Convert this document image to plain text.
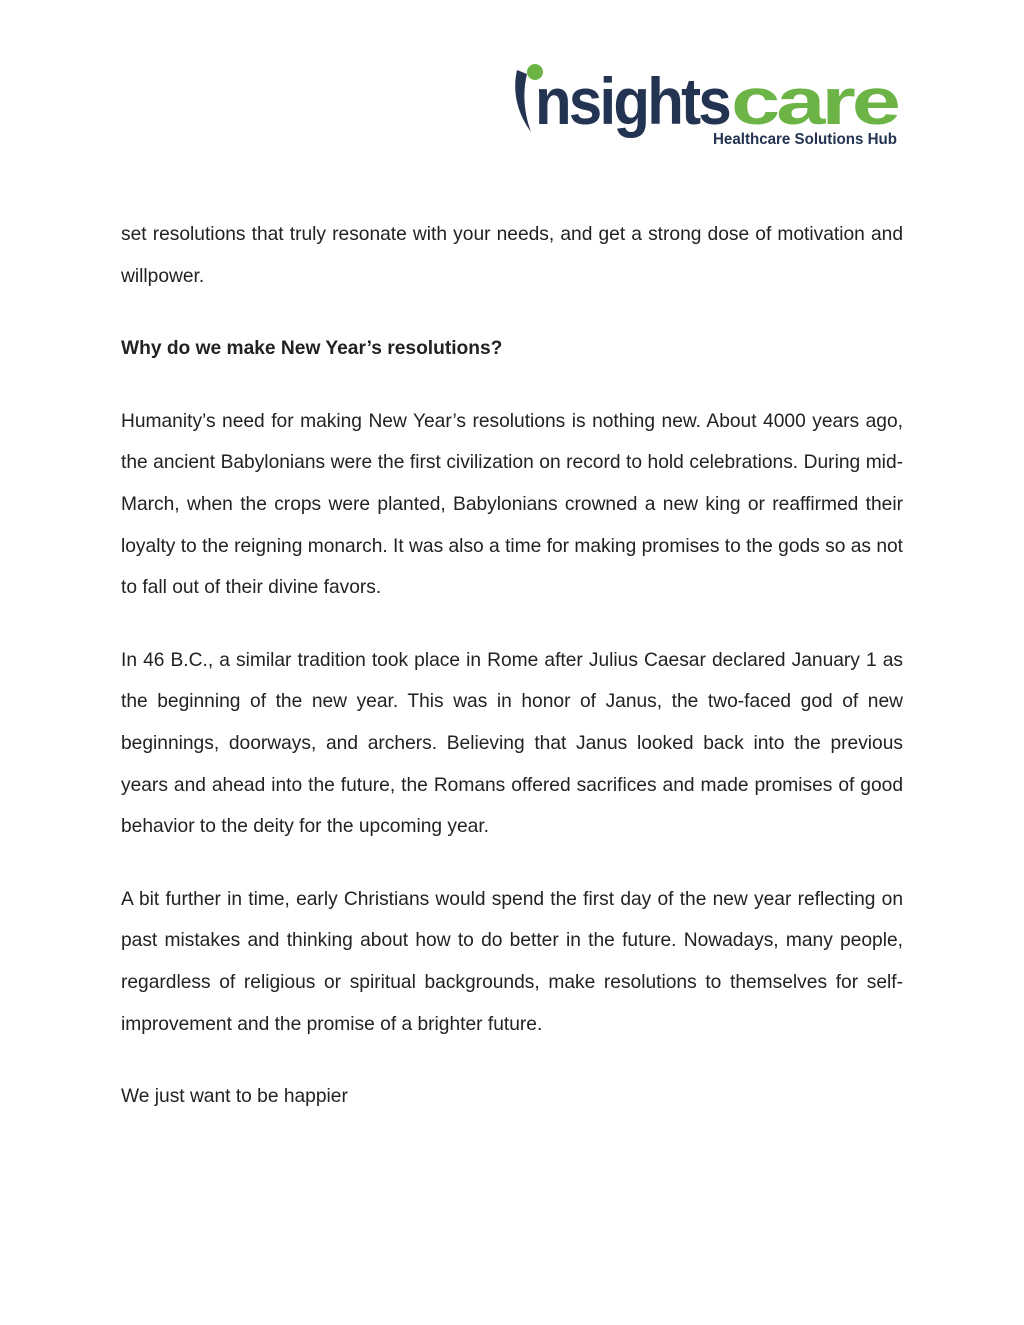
nsights care
Healthcare Solutions Hub

set resolutions that truly resonate with your needs, and get a strong dose of motivation and willpower.

Why do we make New Year’s resolutions?

Humanity’s need for making New Year’s resolutions is nothing new. About 4000 years ago, the ancient Babylonians were the first civilization on record to hold celebrations. During mid-March, when the crops were planted, Babylonians crowned a new king or reaffirmed their loyalty to the reigning monarch. It was also a time for making promises to the gods so as not to fall out of their divine favors.

In 46 B.C., a similar tradition took place in Rome after Julius Caesar declared January 1 as the beginning of the new year. This was in honor of Janus, the two-faced god of new beginnings, doorways, and archers. Believing that Janus looked back into the previous years and ahead into the future, the Romans offered sacrifices and made promises of good behavior to the deity for the upcoming year.

A bit further in time, early Christians would spend the first day of the new year reflecting on past mistakes and thinking about how to do better in the future. Nowadays, many people, regardless of religious or spiritual backgrounds, make resolutions to themselves for self-improvement and the promise of a brighter future.

We just want to be happier
